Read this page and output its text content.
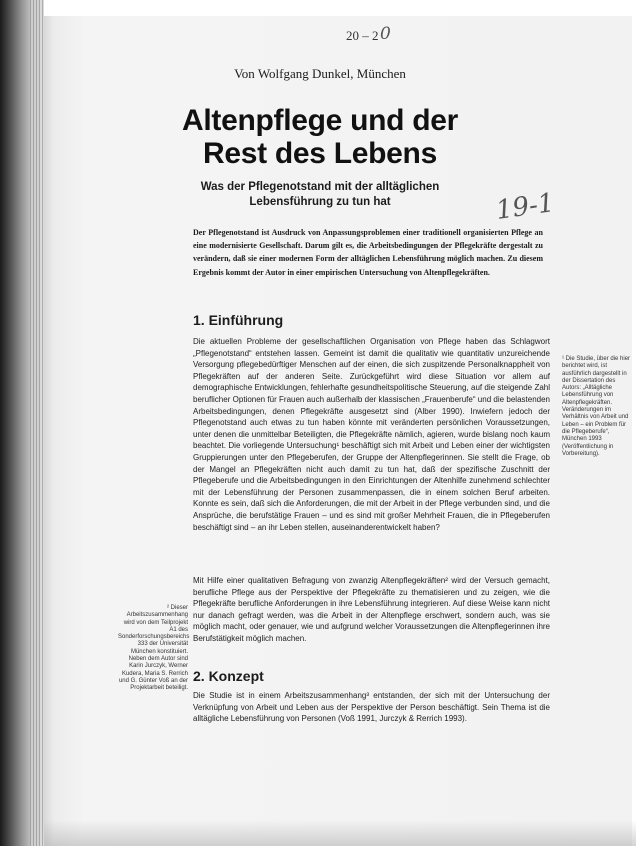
20 – 2 0
Von Wolfgang Dunkel, München
Altenpflege und der
Rest des Lebens
Was der Pflegenotstand mit der alltäglichen
Lebensführung zu tun hat	19-1
Der Pflegenotstand ist Ausdruck von Anpassungsproblemen einer traditionell organisierten Pflege an eine modernisierte Gesellschaft. Darum gilt es, die Arbeitsbedingungen der Pflegekräfte dergestalt zu verändern, daß sie einer modernen Form der alltäglichen Lebensführung möglich machen. Zu diesem Ergebnis kommt der Autor in einer empirischen Untersuchung von Altenpflegekräften.
1. Einführung
Die aktuellen Probleme der gesellschaftlichen Organisation von Pflege haben das Schlagwort „Pflegenotstand“ entstehen lassen. Gemeint ist damit die qualitativ wie quantitativ unzureichende Versorgung pflegebedürftiger Menschen auf der einen, die sich zuspitzende Personalknappheit von Pflegekräften auf der anderen Seite. Zurückgeführt wird diese Situation vor allem auf demographische Entwicklungen, fehlerhafte gesundheitspolitische Steuerung, auf die steigende Zahl beruflicher Optionen für Frauen auch außerhalb der klassischen „Frauenberufe“ und die belastenden Arbeitsbedingungen, denen Pflegekräfte ausgesetzt sind (Alber 1990). Inwiefern jedoch der Pflegenotstand auch etwas zu tun haben könnte mit veränderten persönlichen Voraussetzungen, unter denen die unmittelbar Beteiligten, die Pflegekräfte nämlich, agieren, wurde bislang noch kaum beachtet. Die vorliegende Untersuchung¹ beschäftigt sich mit Arbeit und Leben einer der wichtigsten Gruppierungen unter den Pflegeberufen, der Gruppe der Altenpflegerinnen. Sie stellt die Frage, ob der Mangel an Pflegekräften nicht auch damit zu tun hat, daß der spezifische Zuschnitt der Pflegeberufe und die Arbeitsbedingungen in den Einrichtungen der Altenhilfe zunehmend schlechter mit der Lebensführung der Personen zusammenpassen, die in einem solchen Beruf arbeiten. Konnte es sein, daß sich die Anforderungen, die mit der Arbeit in der Pflege verbunden sind, und die Ansprüche, die berufstätige Frauen – und es sind mit großer Mehrheit Frauen, die in Pflegeberufen beschäftigt sind – an ihr Leben stellen, auseinanderentwickelt haben?
Mit Hilfe einer qualitativen Befragung von zwanzig Altenpflegekräften² wird der Versuch gemacht, berufliche Pflege aus der Perspektive der Pflegekräfte zu thematisieren und zu zeigen, wie die Pflegekräfte berufliche Anforderungen in ihre Lebensführung integrieren. Auf diese Weise kann nicht nur danach gefragt werden, was die Arbeit in der Altenpflege erschwert, sondern auch, was sie möglich macht, oder genauer, wie und aufgrund welcher Voraussetzungen die Altenpflegerinnen ihre Berufstätigkeit möglich machen.
2. Konzept
Die Studie ist in einem Arbeitszusammenhang³ entstanden, der sich mit der Untersuchung der Verknüpfung von Arbeit und Leben aus der Perspektive der Person beschäftigt. Sein Thema ist die alltägliche Lebensführung von Personen (Voß 1991, Jurczyk & Rerrich 1993).
¹ Die Studie, über die hier berichtet wird, ist ausführlich dargestellt in der Dissertation des Autors: „Alltägliche Lebensführung von Altenpflegekräften. Veränderungen im Verhältnis von Arbeit und Leben – ein Problem für die Pflegeberufe“, München 1993 (Veröffentlichung in Vorbereitung).
² Dieser Arbeitszusammenhang wird von dem Teilprojekt A1 des Sonderforschungsbereichs 333 der Universität München konstituiert. Neben dem Autor sind Karin Jurczyk, Werner Kudera, Maria S. Rerrich und G. Günter Voß an der Projektarbeit beteiligt.
